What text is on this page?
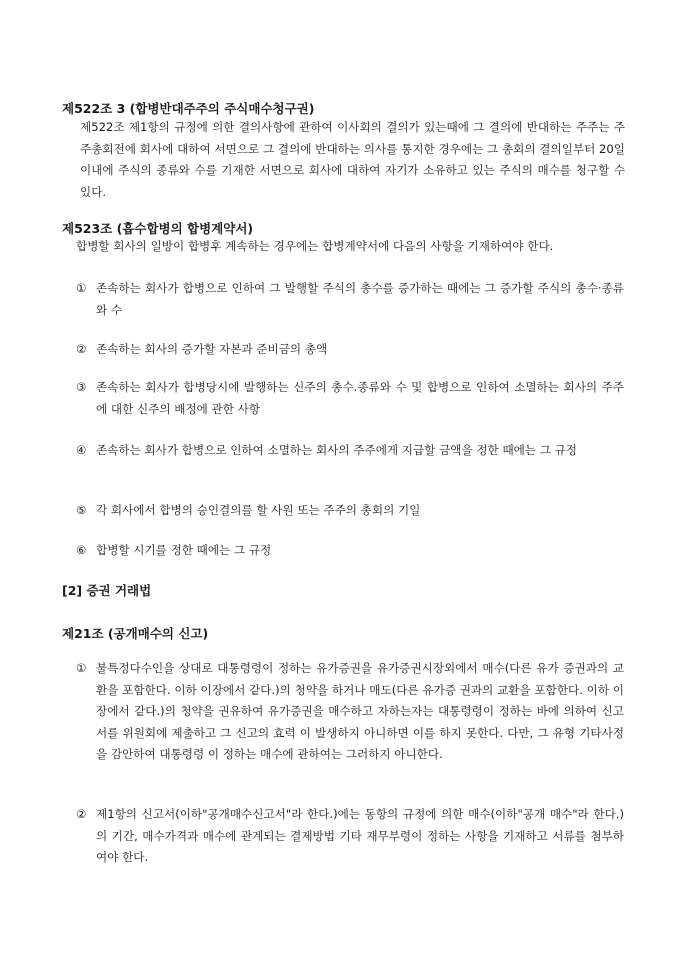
제522조 3 (합병반대주주의 주식매수청구권)
제522조 제1항의 규정에 의한 결의사항에 관하여 이사회의 결의가 있는때에 그 결의에 반대하는 주주는 주주총회전에 회사에 대하여 서면으로 그 결의에 반대하는 의사를 통지한 경우에는 그 총회의 결의일부터 20일 이내에 주식의 종류와 수를 기재한 서면으로 회사에 대하여 자기가 소유하고 있는 주식의 매수를 청구할 수 있다.
제523조 (흡수합병의 합병계약서)
합병할 회사의 일방이 합병후 계속하는 경우에는 합병계약서에 다음의 사항을 기재하여야 한다.
① 존속하는 회사가 합병으로 인하여 그 발행할 주식의 총수를 증가하는 때에는 그 증가할 주식의 총수·종류와 수
② 존속하는 회사의 증가할 자본과 준비금의 총액
③ 존속하는 회사가 합병당시에 발행하는 신주의 총수.종류와 수 및 합병으로 인하여 소멸하는 회사의 주주에 대한 신주의 배정에 관한 사항
④ 존속하는 회사가 합병으로 인하여 소멸하는 회사의 주주에게 지급할 금액을 정한 때에는 그 규정
⑤ 각 회사에서 합병의 승인결의를 할 사원 또는 주주의 총회의 기일
⑥ 합병할 시기를 정한 때에는 그 규정
[2] 증권 거래법
제21조 (공개매수의 신고)
① 불특정다수인을 상대로 대통령령이 정하는 유가증권을 유가증권시장외에서 매수(다른 유가 증권과의 교환을 포함한다. 이하 이장에서 같다.)의 청약을 하거나 매도(다른 유가증 권과의 교환을 포함한다. 이하 이장에서 같다.)의 청약을 권유하여 유가증권을 매수하고 자하는자는 대통령령이 정하는 바에 의하여 신고서를 위원회에 제출하고 그 신고의 효력 이 발생하지 아니하면 이를 하지 못한다. 다만, 그 유형 기타사정을 감안하여 대통령령 이 정하는 매수에 관하여는 그러하지 아니한다.
② 제1항의 신고서(이하"공개매수신고서"라 한다.)에는 동항의 규정에 의한 매수(이하"공개 매수"라 한다.)의 기간, 매수가격과 매수에 관계되는 결제방법 기타 재무부령이 정하는 사항을 기재하고 서류를 첨부하여야 한다.
